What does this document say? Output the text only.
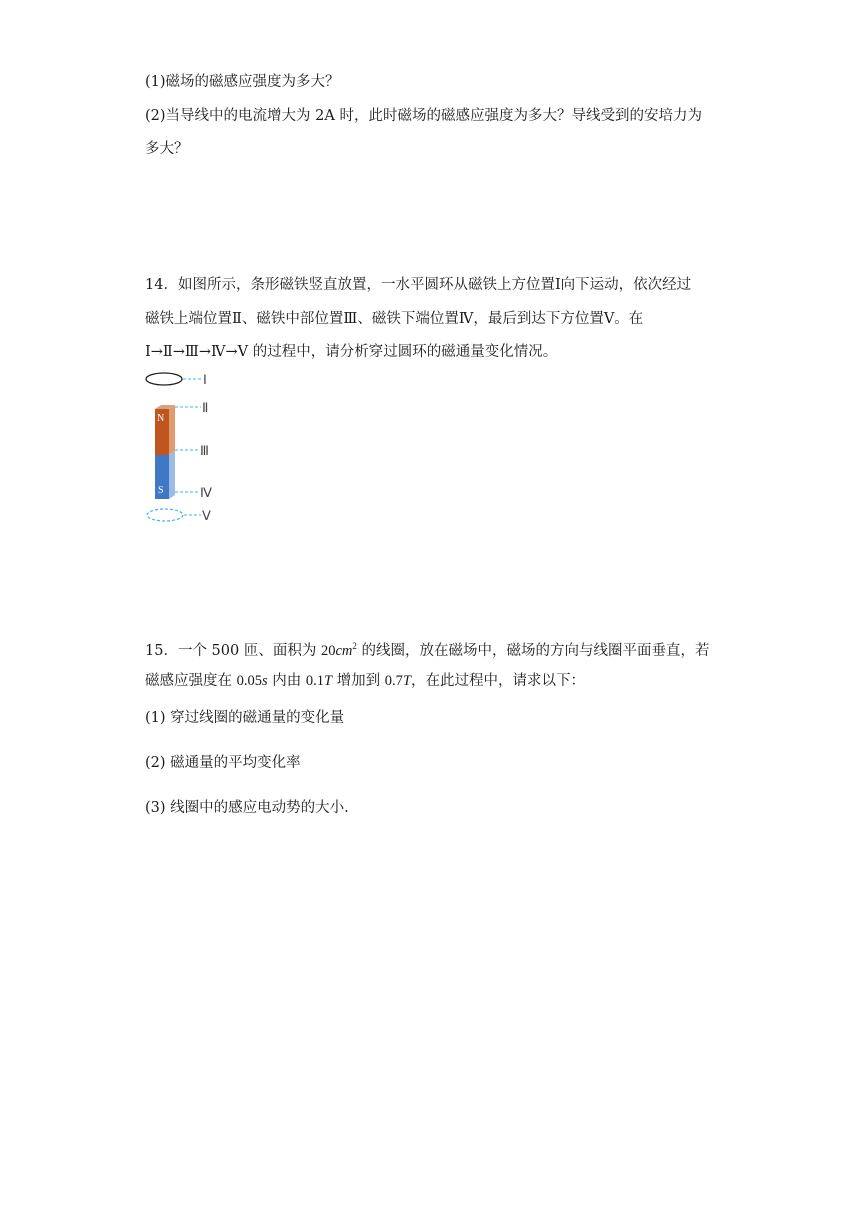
(1)磁场的磁感应强度为多大？
(2)当导线中的电流增大为 2A 时，此时磁场的磁感应强度为多大？导线受到的安培力为
多大？
14．如图所示，条形磁铁竖直放置，一水平圆环从磁铁上方位置Ⅰ向下运动，依次经过
磁铁上端位置Ⅱ、磁铁中部位置Ⅲ、磁铁下端位置Ⅳ，最后到达下方位置Ⅴ。在
Ⅰ→Ⅱ→Ⅲ→Ⅳ→V 的过程中，请分析穿过圆环的磁通量变化情况。
Ⅰ
N
S
Ⅱ
Ⅲ
Ⅳ
Ⅴ
15．一个 500 匝、面积为 $20cm^2$ 的线圈，放在磁场中，磁场的方向与线圈平面垂直，若
磁感应强度在 0.05s 内由 0.1T 增加到 0.7T，在此过程中，请求以下：
(1) 穿过线圈的磁通量的变化量
(2) 磁通量的平均变化率
(3) 线圈中的感应电动势的大小.
